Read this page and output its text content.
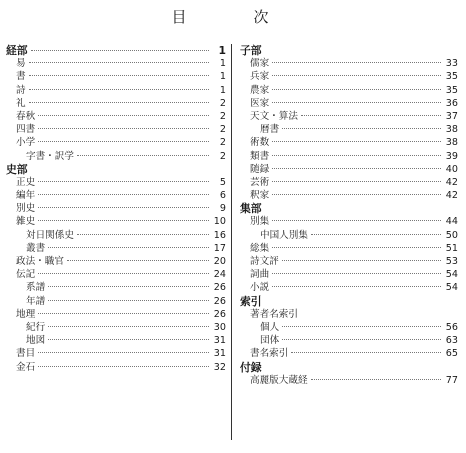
目　次
経部	1
易	1
書	1
詩	1
礼	2
春秋	2
四書	2
小学	2
字書・訳学	2
史部
正史	5
編年	6
別史	9
雑史	10
対日関係史	16
叢書	17
政法・職官	20
伝記	24
系譜	26
年譜	26
地理	26
紀行	30
地図	31
書目	31
金石	32
子部
儒家	33
兵家	35
農家	35
医家	36
天文・算法	37
暦書	38
術数	38
類書	39
随録	40
芸術	42
釈家	42
集部
別集	44
中国人別集	50
総集	51
詩文評	53
詞曲	54
小説	54
索引
著者名索引
個人	56
団体	63
書名索引	65
付録
高麗版大蔵経	77
